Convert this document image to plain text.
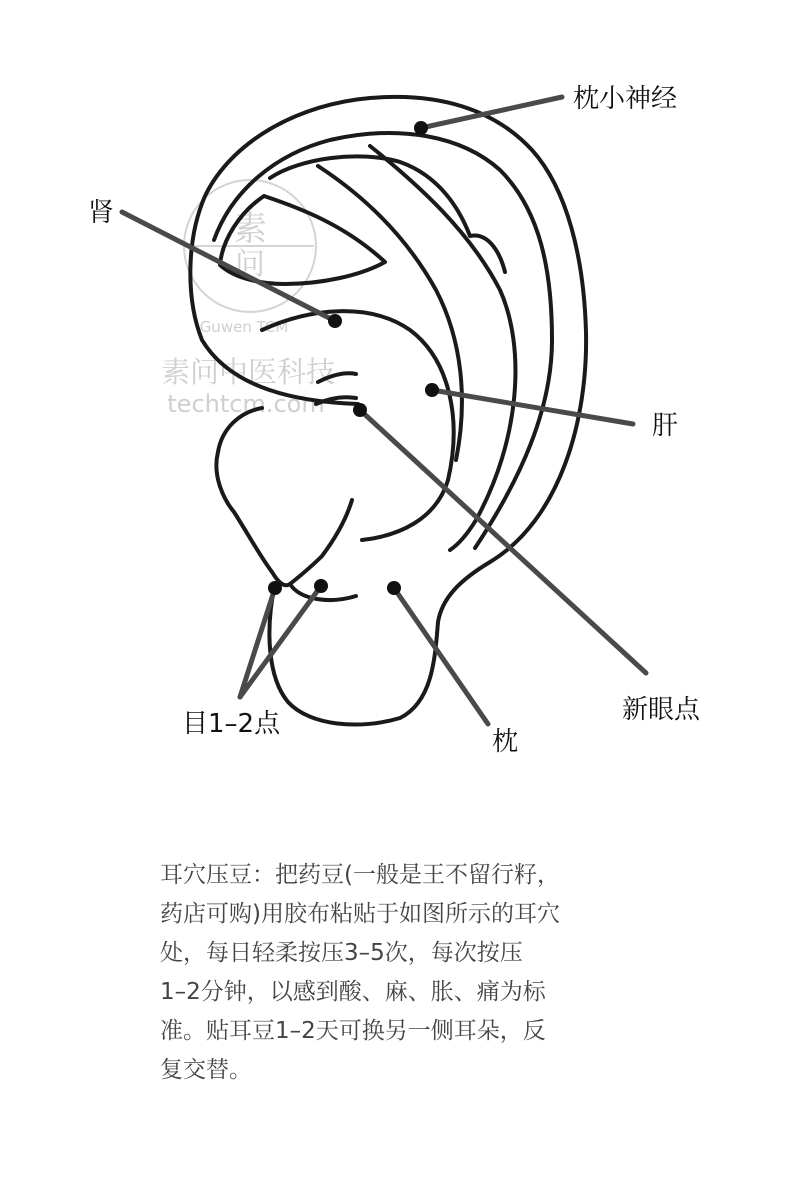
素
问
Guwen TCM
素问中医科技
techtcm.com
枕小神经
肾
肝
新眼点
目1–2点
枕
耳穴压豆：把药豆(一般是王不留行籽，
药店可购)用胶布粘贴于如图所示的耳穴
处，每日轻柔按压3–5次，每次按压
1–2分钟，以感到酸、麻、胀、痛为标
准。贴耳豆1–2天可换另一侧耳朵，反
复交替。
